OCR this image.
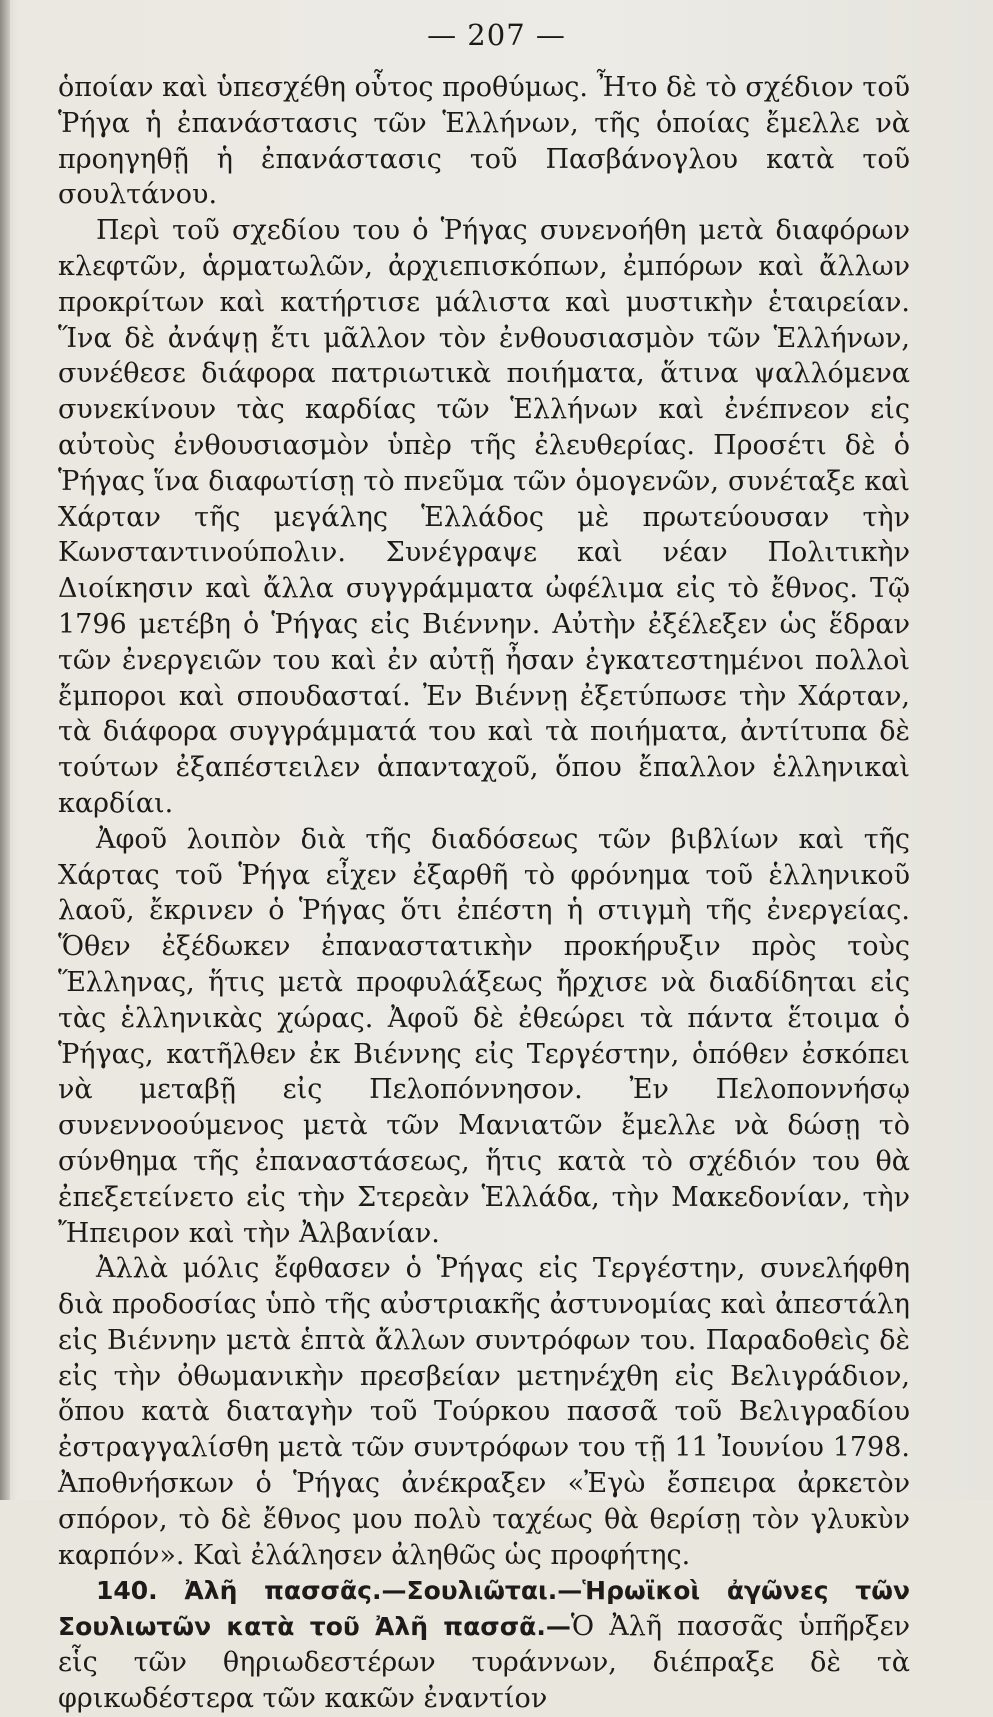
— 207 —

ὁποίαν καὶ ὑπεσχέθη οὗτος προθύμως. Ἦτο δὲ τὸ σχέδιον τοῦ Ῥήγα ἡ ἐπανάστασις τῶν Ἑλλήνων, τῆς ὁποίας ἔμελλε νὰ προηγηθῇ ἡ ἐπανάστασις τοῦ Πασβάνογλου κατὰ τοῦ σουλτάνου.

Περὶ τοῦ σχεδίου του ὁ Ῥήγας συνενοήθη μετὰ διαφόρων κλεφτῶν, ἁρματωλῶν, ἀρχιεπισκόπων, ἐμπόρων καὶ ἄλλων προκρίτων καὶ κατήρτισε μάλιστα καὶ μυστικὴν ἑταιρείαν. Ἵνα δὲ ἀνάψῃ ἔτι μᾶλλον τὸν ἐνθουσιασμὸν τῶν Ἑλλήνων, συνέθεσε διάφορα πατριωτικὰ ποιήματα, ἅτινα ψαλλόμενα συνεκίνουν τὰς καρδίας τῶν Ἑλλήνων καὶ ἐνέπνεον εἰς αὐτοὺς ἐνθουσιασμὸν ὑπὲρ τῆς ἐλευθερίας. Προσέτι δὲ ὁ Ῥήγας ἵνα διαφωτίσῃ τὸ πνεῦμα τῶν ὁμογενῶν, συνέταξε καὶ Χάρταν τῆς μεγάλης Ἑλλάδος μὲ πρωτεύουσαν τὴν Κωνσταντινούπολιν. Συνέγραψε καὶ νέαν Πολιτικὴν Διοίκησιν καὶ ἄλλα συγγράμματα ὠφέλιμα εἰς τὸ ἔθνος. Τῷ 1796 μετέβη ὁ Ῥήγας εἰς Βιέννην. Αὐτὴν ἐξέλεξεν ὡς ἕδραν τῶν ἐνεργειῶν του καὶ ἐν αὐτῇ ἦσαν ἐγκατεστημένοι πολλοὶ ἔμποροι καὶ σπουδασταί. Ἐν Βιέννῃ ἐξετύπωσε τὴν Χάρταν, τὰ διάφορα συγγράμματά του καὶ τὰ ποιήματα, ἀντίτυπα δὲ τούτων ἐξαπέστειλεν ἁπανταχοῦ, ὅπου ἔπαλλον ἑλληνικαὶ καρδίαι.

Ἀφοῦ λοιπὸν διὰ τῆς διαδόσεως τῶν βιβλίων καὶ τῆς Χάρτας τοῦ Ῥήγα εἶχεν ἐξαρθῆ τὸ φρόνημα τοῦ ἑλληνικοῦ λαοῦ, ἔκρινεν ὁ Ῥήγας ὅτι ἐπέστη ἡ στιγμὴ τῆς ἐνεργείας. Ὅθεν ἐξέδωκεν ἐπαναστατικὴν προκήρυξιν πρὸς τοὺς Ἕλληνας, ἥτις μετὰ προφυλάξεως ἤρχισε νὰ διαδίδηται εἰς τὰς ἑλληνικὰς χώρας. Ἀφοῦ δὲ ἐθεώρει τὰ πάντα ἕτοιμα ὁ Ῥήγας, κατῆλθεν ἐκ Βιέννης εἰς Τεργέστην, ὁπόθεν ἐσκόπει νὰ μεταβῇ εἰς Πελοπόννησον. Ἐν Πελοποννήσῳ συνεννοούμενος μετὰ τῶν Μανιατῶν ἔμελλε νὰ δώσῃ τὸ σύνθημα τῆς ἐπαναστάσεως, ἥτις κατὰ τὸ σχέδιόν του θὰ ἐπεξετείνετο εἰς τὴν Στερεὰν Ἑλλάδα, τὴν Μακεδονίαν, τὴν Ἤπειρον καὶ τὴν Ἀλβανίαν.

Ἀλλὰ μόλις ἔφθασεν ὁ Ῥήγας εἰς Τεργέστην, συνελήφθη διὰ προδοσίας ὑπὸ τῆς αὐστριακῆς ἀστυνομίας καὶ ἀπεστάλη εἰς Βιέννην μετὰ ἑπτὰ ἄλλων συντρόφων του. Παραδοθεὶς δὲ εἰς τὴν ὀθωμανικὴν πρεσβείαν μετηνέχθη εἰς Βελιγράδιον, ὅπου κατὰ διαταγὴν τοῦ Τούρκου πασσᾶ τοῦ Βελιγραδίου ἐστραγγαλίσθη μετὰ τῶν συντρόφων του τῇ 11 Ἰουνίου 1798. Ἀποθνήσκων ὁ Ῥήγας ἀνέκραξεν «Ἐγὼ ἔσπειρα ἀρκετὸν σπόρον, τὸ δὲ ἔθνος μου πολὺ ταχέως θὰ θερίσῃ τὸν γλυκὺν καρπόν». Καὶ ἐλάλησεν ἀληθῶς ὡς προφήτης.

140. Ἀλῆ πασσᾶς.—Σουλιῶται.—Ἡρωϊκοὶ ἀγῶνες τῶν Σουλιωτῶν κατὰ τοῦ Ἀλῆ πασσᾶ.—Ὁ Ἀλῆ πασσᾶς ὑπῆρξεν εἷς τῶν θηριωδεστέρων τυράννων, διέπραξε δὲ τὰ φρικωδέστερα τῶν κακῶν ἐναντίον
